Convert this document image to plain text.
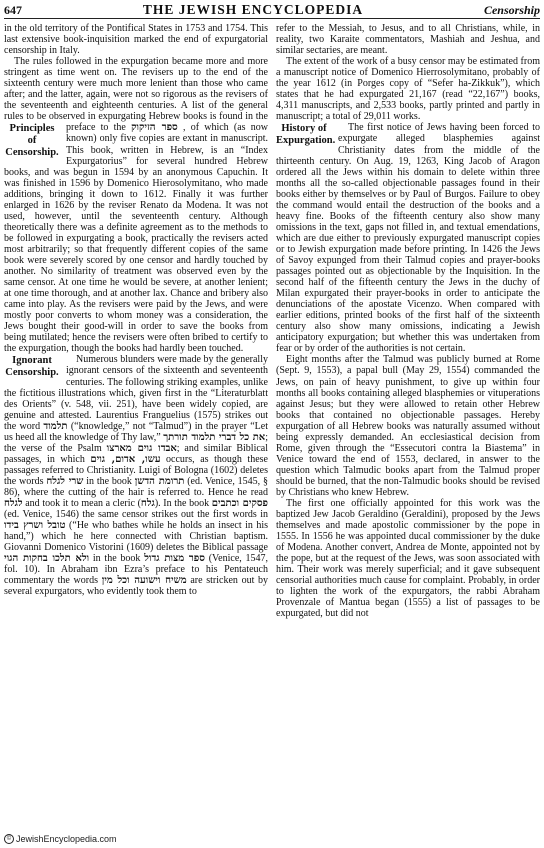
647	THE JEWISH ENCYCLOPEDIA	Censorship

in the old territory of the Pontifical States in 1753 and 1754. This last extensive book-inquisition marked the end of expurgatorial censorship in Italy.

The rules followed in the expurgation became more and more stringent as time went on. The revisers up to the end of the sixteenth century were much more lenient than those who came after; and the latter, again, were not so rigorous as the revisers of the seventeenth and eighteenth centuries. A list of the general rules to be observed in expurgating Hebrew books is found in the preface to the ספר הזיקוק
Principles of Censorship.
, of which (as now known) only five copies are extant in manuscript. This book, written in Hebrew, is an “Index Expurgatorius” for several hundred Hebrew books, and was begun in 1594 by an anonymous Capuchin. It was finished in 1596 by Domenico Hierosolymitano, who made additions, bringing it down to 1612. Finally it was further enlarged in 1626 by the reviser Renato da Modena. It was not used, however, until the seventeenth century. Although theoretically there was a definite agreement as to the methods to be followed in expurgating a book, practically the revisers acted most arbitrarily; so that frequently different copies of the same book were severely scored by one censor and hardly touched by another. No similarity of treatment was observed even by the same censor. At one time he would be severe, at another lenient; at one time thorough, and at another lax. Chance and bribery also came into play. As the revisers were paid by the Jews, and were mostly poor converts to whom money was a consideration, the Jews bought their good-will in order to save the books from being mutilated; hence the revisers were often bribed to certify to the expurgation, though the books had hardly been touched.

Ignorant Censorship.
Numerous blunders were made by the generally ignorant censors of the sixteenth and seventeenth centuries. The following striking examples, unlike the fictitious illustrations which, given first in the “Literaturblatt des Orients” (v. 548, vii. 251), have been widely copied, are genuine and attested. Laurentius Franguelius (1575) strikes out the word תלמוד (“knowledge,” not “Talmud”) in the prayer “Let us heed all the knowledge of Thy law,” את כל דברי תלמוד תורתך; the verse of the Psalm אבדו גוים מארצו; and similar Biblical passages, in which עשו, אדום, גוים occurs, as though these passages referred to Christianity. Luigi of Bologna (1602) deletes the words שרי לגלח in the book תרומת הדשן (ed. Venice, 1545, § 86), where the cutting of the hair is referred to. Hence he read לגלח and took it to mean a cleric (גלח). In the book פסקים וכתבים (ed. Venice, 1546) the same censor strikes out the first words in טובל ושרץ בידו (“He who bathes while he holds an insect in his hand,”) which he here connected with Christian baptism. Giovanni Domenico Vistorini (1609) deletes the Biblical passage ולא תלכו בחקות הגוי in the book ספר מצות גדול (Venice, 1547, fol. 10). In Abraham ibn Ezra’s preface to his Pentateuch commentary the words משיח וישועה וכל מין are stricken out by several expurgators, who evidently took them to

refer to the Messiah, to Jesus, and to all Christians, while, in reality, two Karaite commentators, Mashiah and Jeshua, and similar sectaries, are meant.

The extent of the work of a busy censor may be estimated from a manuscript notice of Domenico Hierrosolymitano, probably of the year 1612 (in Porges copy of “Sefer ha-Zikkuk”), which states that he had expurgated 21,167 (read “22,167”) books, 4,311 manuscripts, and 2,533 books, partly printed and partly in manuscript; a total of 29,011 works.

History of Expurgation.
The first notice of Jews having been forced to expurgate alleged blasphemies against Christianity dates from the middle of the thirteenth century. On Aug. 19, 1263, King Jacob of Aragon ordered all the Jews within his domain to delete within three months all the so-called objectionable passages found in their books either by themselves or by Paul of Burgos. Failure to obey the command would entail the destruction of the books and a heavy fine. Books of the fifteenth century also show many omissions in the text, gaps not filled in, and textual emendations, which are due either to previously expurgated manuscript copies or to Jewish expurgation made before printing. In 1426 the Jews of Savoy expunged from their Talmud copies and prayer-books passages pointed out as objectionable by the Inquisition. In the second half of the fifteenth century the Jews in the duchy of Milan expurgated their prayer-books in order to anticipate the denunciations of the apostate Vicenzo. When compared with earlier editions, printed books of the first half of the sixteenth century also show many omissions, indicating a Jewish anticipatory expurgation; but whether this was undertaken from fear or by order of the authorities is not certain.

Eight months after the Talmud was publicly burned at Rome (Sept. 9, 1553), a papal bull (May 29, 1554) commanded the Jews, on pain of heavy punishment, to give up within four months all books containing alleged blasphemies or vituperations against Jesus; but they were allowed to retain other Hebrew books that contained no objectionable passages. Hereby expurgation of all Hebrew books was naturally assumed without being expressly demanded. An ecclesiastical decision from Rome, given through the “Essecutori contra la Biastema” in Venice toward the end of 1553, declared, in answer to the question which Talmudic books apart from the Talmud proper should be burned, that the non-Talmudic books should be revised by Christians who knew Hebrew.

The first one officially appointed for this work was the baptized Jew Jacob Geraldino (Geraldini), proposed by the Jews themselves and made apostolic commissioner by the pope in 1555. In 1556 he was appointed ducal commissioner by the duke of Modena. Another convert, Andrea de Monte, appointed not by the pope, but at the request of the Jews, was soon associated with him. Their work was merely superficial; and it gave subsequent censorial authorities much cause for complaint. Probably, in order to lighten the work of the expurgators, the rabbi Abraham Provenzale of Mantua began (1555) a list of passages to be expurgated, but did not

© JewishEncyclopedia.com
